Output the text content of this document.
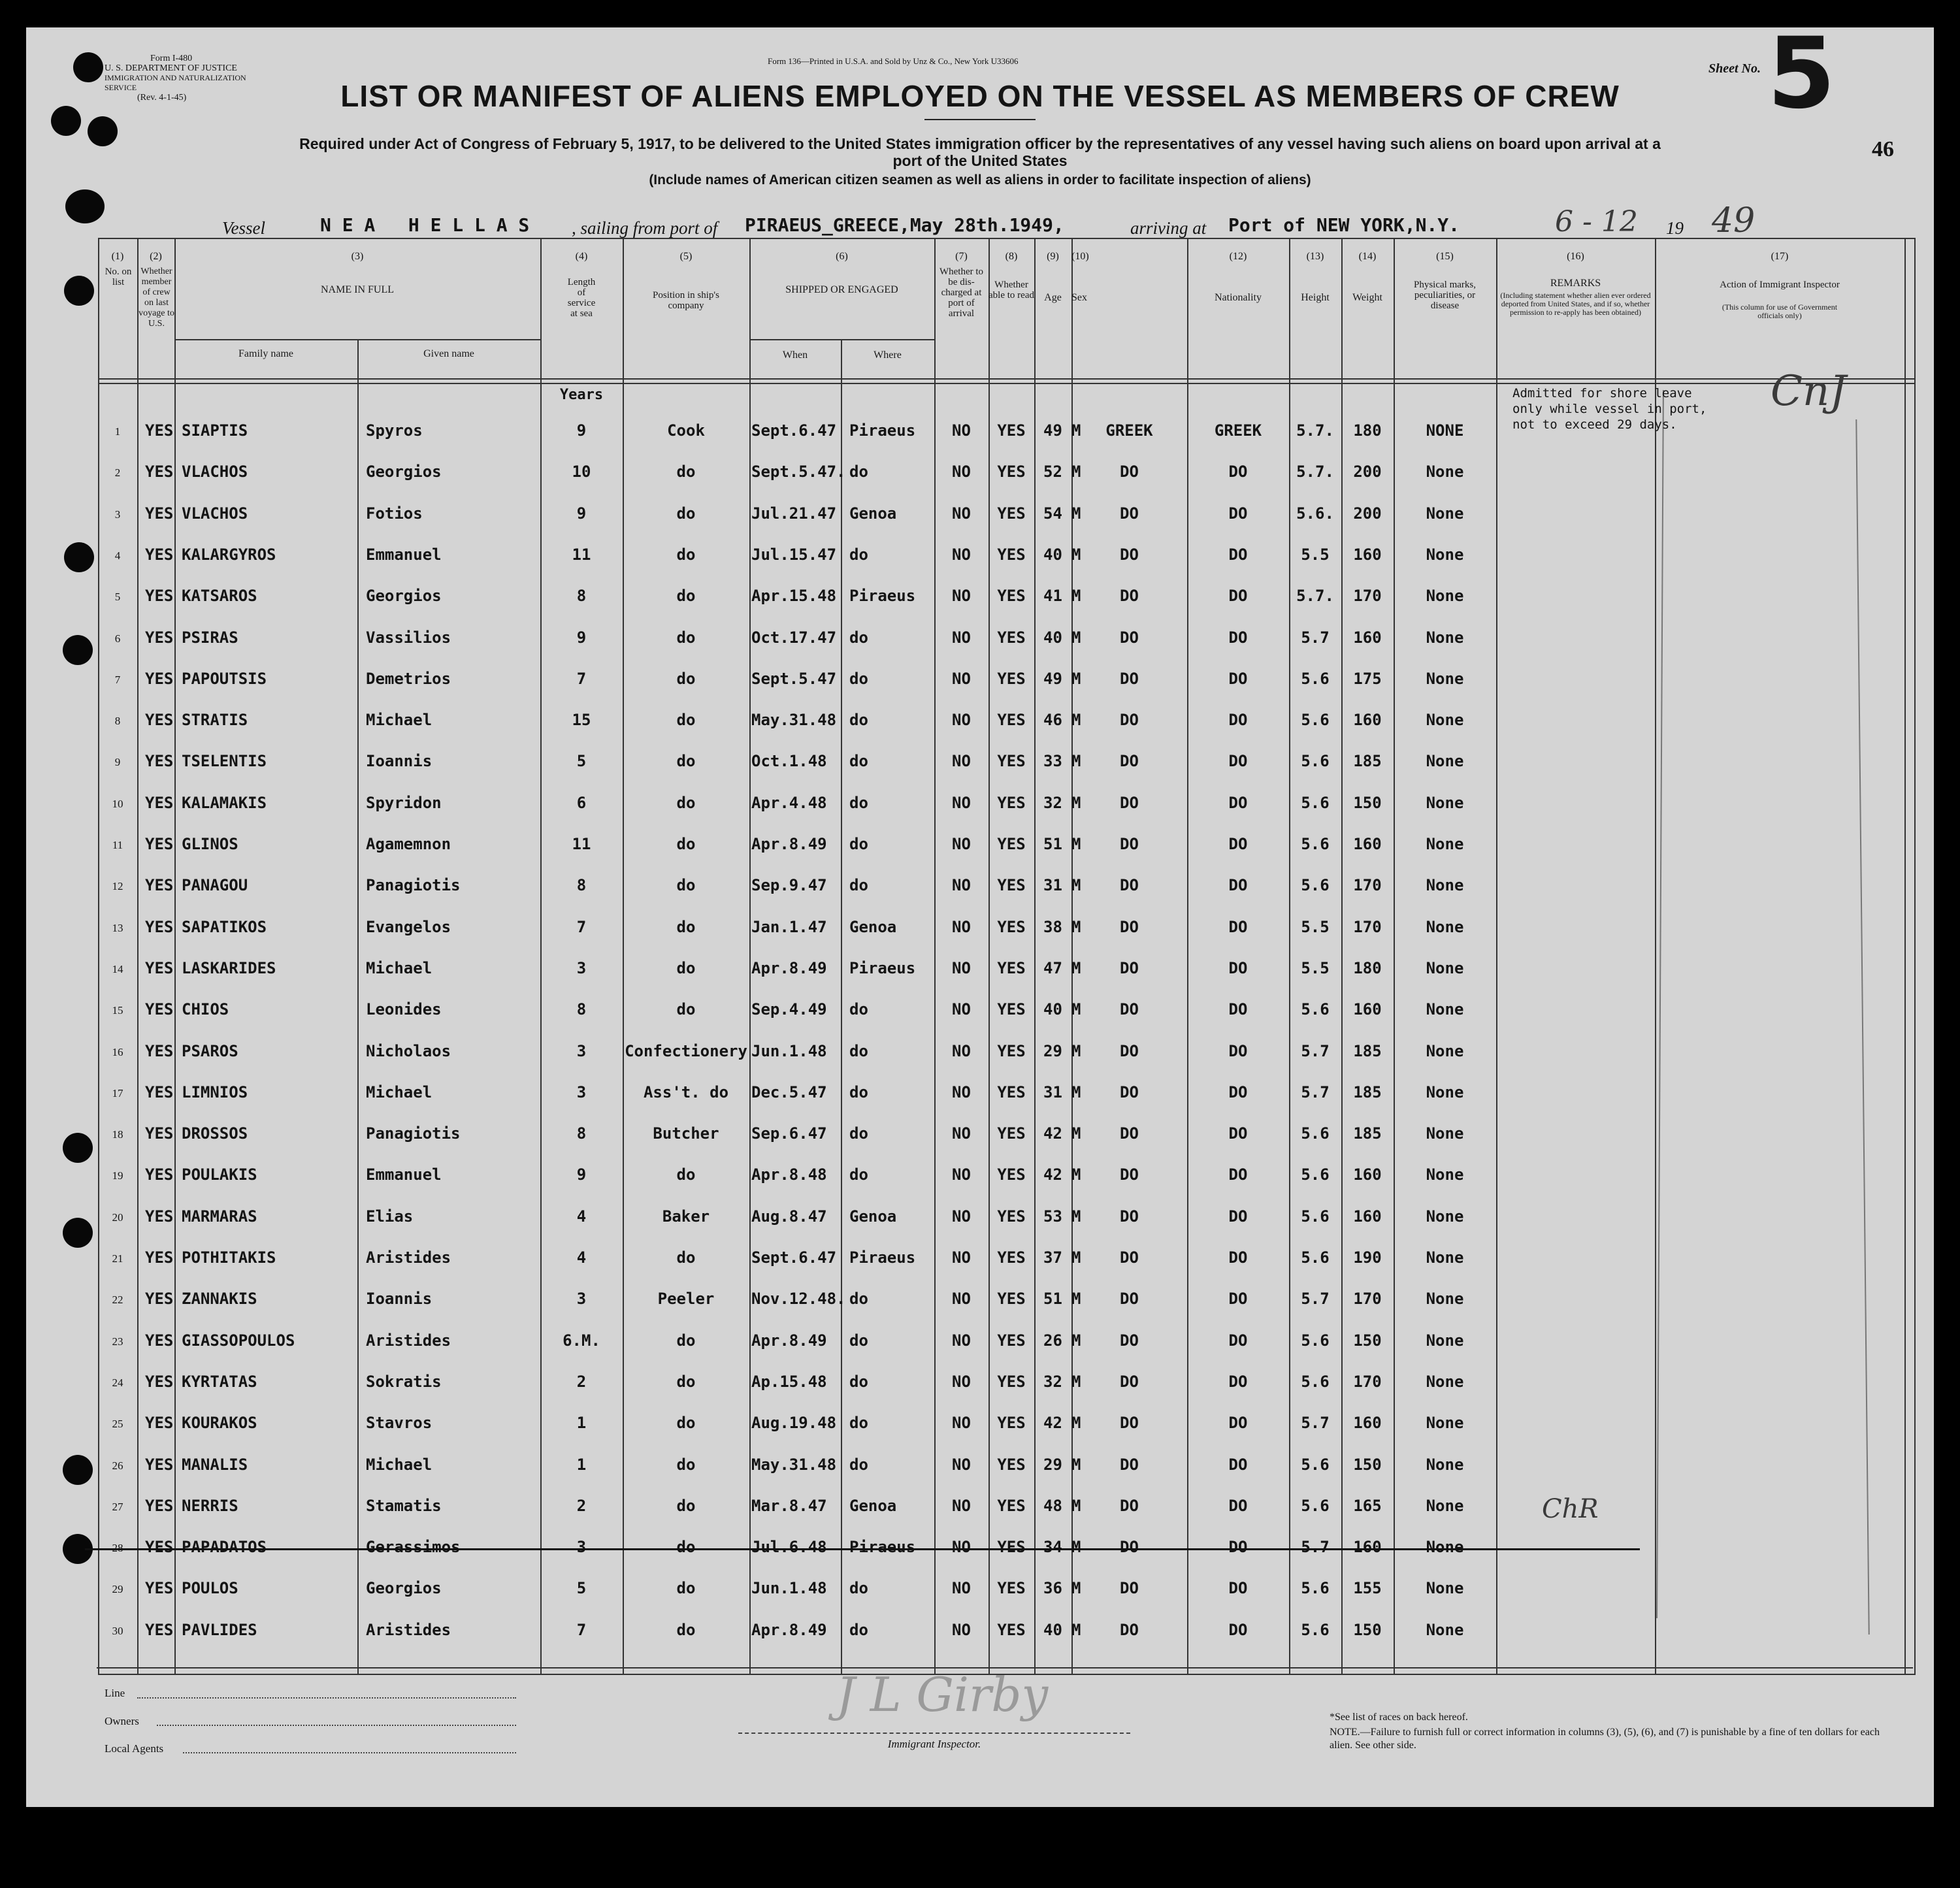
Form I-480
U. S. DEPARTMENT OF JUSTICE
IMMIGRATION AND NATURALIZATION SERVICE
(Rev. 4-1-45)
Form 136—Printed in U.S.A. and Sold by Unz & Co., New York U33606
Sheet No. 5
46
LIST OR MANIFEST OF ALIENS EMPLOYED ON THE VESSEL AS MEMBERS OF CREW
Required under Act of Congress of February 5, 1917, to be delivered to the United States immigration officer by the representatives of any vessel having such aliens on board upon arrival at a
port of the United States
(Include names of American citizen seamen as well as aliens in order to facilitate inspection of aliens)
Vessel	N E A   H E L L A S , sailing from port of PIRAEUS_GREECE,May 28th.1949,	arriving at Port of NEW YORK,N.Y.	6 - 12 19 49
(1)	(2)	(3)	(4)	(5)	(6)	(7)	(8)	(9)	(10)	(12)	(13)	(14)	(15)	(16)	(17)
No. on list
Whether member of crew on last voyage to U.S.
NAME IN FULL
Family name	Given name
Length of service at sea
Position in ship's company
SHIPPED OR ENGAGED
When	Where
Whether to be dis-charged at port of arrival
Whether able to read Age Sex	Nationality	Height	Weight
Physical marks, peculiarities, or disease
REMARKS
(Including statement whether alien ever ordered deported from United States, and if so, whether permission to re-apply has been obtained)
Action of Immigrant Inspector
(This column for use of Government officials only)
Years
1	YES SIAPTIS	Spyros	9	Cook	Sept.6.47 Piraeus	NO	YES	49 M	GREEK	GREEK	5.7.	180	NONE
2	YES VLACHOS	Georgios	10	do	Sept.5.47. do	NO	YES	52 M	DO	DO	5.7.	200	None
3	YES VLACHOS	Fotios	9	do	Jul.21.47 Genoa	NO	YES	54 M	DO	DO	5.6.	200	None
4	YES KALARGYROS	Emmanuel	11	do	Jul.15.47 do	NO	YES	40 M	DO	DO	5.5	160	None
5	YES KATSAROS	Georgios	8	do	Apr.15.48 Piraeus	NO	YES	41 M	DO	DO	5.7.	170	None
6	YES PSIRAS	Vassilios	9	do	Oct.17.47 do	NO	YES	40 M	DO	DO	5.7	160	None
7	YES PAPOUTSIS	Demetrios	7	do	Sept.5.47 do	NO	YES	49 M	DO	DO	5.6	175	None
8	YES STRATIS	Michael	15	do	May.31.48 do	NO	YES	46 M	DO	DO	5.6	160	None
9	YES TSELENTIS	Ioannis	5	do	Oct.1.48 do	NO	YES	33 M	DO	DO	5.6	185	None
10	YES KALAMAKIS	Spyridon	6	do	Apr.4.48 do	NO	YES	32 M	DO	DO	5.6	150	None
11	YES GLINOS	Agamemnon	11	do	Apr.8.49 do	NO	YES	51 M	DO	DO	5.6	160	None
12	YES PANAGOU	Panagiotis	8	do	Sep.9.47 do	NO	YES	31 M	DO	DO	5.6	170	None
13	YES SAPATIKOS	Evangelos	7	do	Jan.1.47 Genoa	NO	YES	38 M	DO	DO	5.5	170	None
14	YES LASKARIDES	Michael	3	do	Apr.8.49 Piraeus	NO	YES	47 M	DO	DO	5.5	180	None
15	YES CHIOS	Leonides	8	do	Sep.4.49 do	NO	YES	40 M	DO	DO	5.6	160	None
16	YES PSAROS	Nicholaos	3	Confectionery Jun.1.48 do	NO	YES	29 M	DO	DO	5.7	185	None
17	YES LIMNIOS	Michael	3	Ass't. do	Dec.5.47 do	NO	YES	31 M	DO	DO	5.7	185	None
18	YES DROSSOS	Panagiotis	8	Butcher	Sep.6.47 do	NO	YES	42 M	DO	DO	5.6	185	None
19	YES POULAKIS	Emmanuel	9	do	Apr.8.48 do	NO	YES	42 M	DO	DO	5.6	160	None
20	YES MARMARAS	Elias	4	Baker	Aug.8.47 Genoa	NO	YES	53 M	DO	DO	5.6	160	None
21	YES POTHITAKIS	Aristides	4	do	Sept.6.47 Piraeus	NO	YES	37 M	DO	DO	5.6	190	None
22	YES ZANNAKIS	Ioannis	3	Peeler	Nov.12.48. do	NO	YES	51 M	DO	DO	5.7	170	None
23	YES GIASSOPOULOS	Aristides	6.M.	do	Apr.8.49 do	NO	YES	26 M	DO	DO	5.6	150	None
24	YES KYRTATAS	Sokratis	2	do	Ap.15.48 do	NO	YES	32 M	DO	DO	5.6	170	None
25	YES KOURAKOS	Stavros	1	do	Aug.19.48 do	NO	YES	42 M	DO	DO	5.7	160	None
26	YES MANALIS	Michael	1	do	May.31.48 do	NO	YES	29 M	DO	DO	5.6	150	None
27	YES NERRIS	Stamatis	2	do	Mar.8.47 Genoa	NO	YES	48 M	DO	DO	5.6	165	None
28	YES PAPADATOS	Gerassimos	3	do	Jul.6.48 Piraeus	NO	YES	34 M	DO	DO	5.7	160	None
29	YES POULOS	Georgios	5	do	Jun.1.48 do	NO	YES	36 M	DO	DO	5.6	155	None
30	YES PAVLIDES	Aristides	7	do	Apr.8.49 do	NO	YES	40 M	DO	DO	5.6	150	None
Admitted for shore leave only while vessel in port, not to exceed 29 days.
ChR
CnJ
Line
Owners
Local Agents
J L Girby
Immigrant Inspector.
*See list of races on back hereof.
NOTE.—Failure to furnish full or correct information in columns (3), (5), (6), and (7) is punishable by a fine of ten dollars for each alien. See other side.
